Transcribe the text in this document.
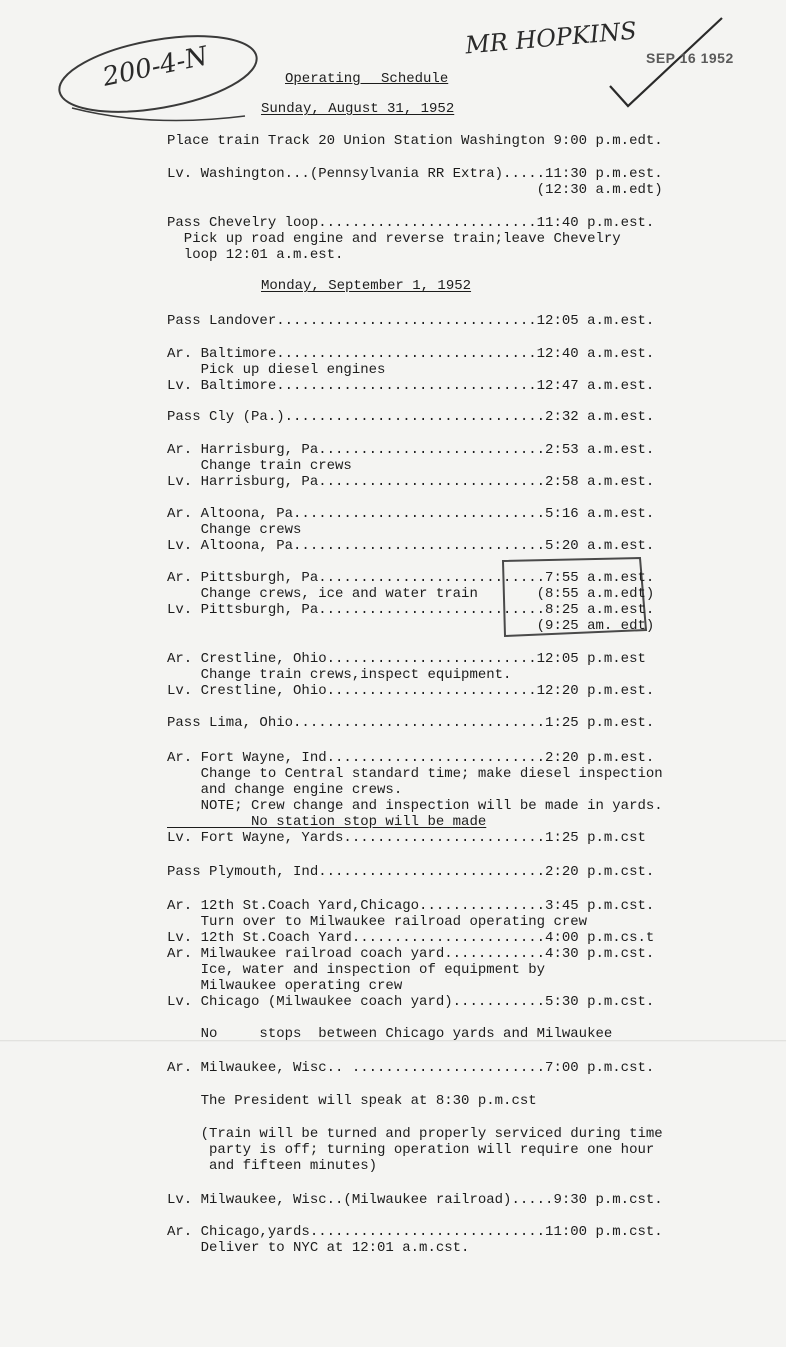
200-4-N
MR HOPKINS SEP 16 1952
Operating Schedule
Sunday, August 31, 1952
Place train Track 20 Union Station Washington 9:00 p.m.edt.
Lv. Washington...(Pennsylvania RR Extra).....11:30 p.m.est.
(12:30 a.m.edt)
Pass Chevelry loop..........................11:40 p.m.est.
Pick up road engine and reverse train;leave Chevelry
loop 12:01 a.m.est.
Monday, September 1, 1952
Pass Landover...............................12:05 a.m.est.
Ar. Baltimore...............................12:40 a.m.est.
Pick up diesel engines
Lv. Baltimore...............................12:47 a.m.est.
Pass Cly (Pa.)...............................2:32 a.m.est.
Ar. Harrisburg, Pa...........................2:53 a.m.est.
Change train crews
Lv. Harrisburg, Pa...........................2:58 a.m.est.
Ar. Altoona, Pa..............................5:16 a.m.est.
Change crews
Lv. Altoona, Pa..............................5:20 a.m.est.
Ar. Pittsburgh, Pa...........................7:55 a.m.est.
Change crews, ice and water train       (8:55 a.m.edt)
Lv. Pittsburgh, Pa...........................8:25 a.m.est.
(9:25 am. edt)
Ar. Crestline, Ohio.........................12:05 p.m.est
Change train crews,inspect equipment.
Lv. Crestline, Ohio.........................12:20 p.m.est.
Pass Lima, Ohio..............................1:25 p.m.est.
Ar. Fort Wayne, Ind..........................2:20 p.m.est.
Change to Central standard time; make diesel inspection
and change engine crews.
NOTE; Crew change and inspection will be made in yards.
No station stop will be made
Lv. Fort Wayne, Yards........................1:25 p.m.cst
Pass Plymouth, Ind...........................2:20 p.m.cst.
Ar. 12th St.Coach Yard,Chicago...............3:45 p.m.cst.
Turn over to Milwaukee railroad operating crew
Lv. 12th St.Coach Yard.......................4:00 p.m.cs.t
Ar. Milwaukee railroad coach yard............4:30 p.m.cst.
Ice, water and inspection of equipment by
Milwaukee operating crew
Lv. Chicago (Milwaukee coach yard)...........5:30 p.m.cst.
No     stops  between Chicago yards and Milwaukee
Ar. Milwaukee, Wisc.. .......................7:00 p.m.cst.
The President will speak at 8:30 p.m.cst
(Train will be turned and properly serviced during time
party is off; turning operation will require one hour
and fifteen minutes)
Lv. Milwaukee, Wisc..(Milwaukee railroad).....9:30 p.m.cst.
Ar. Chicago,yards............................11:00 p.m.cst.
Deliver to NYC at 12:01 a.m.cst.
